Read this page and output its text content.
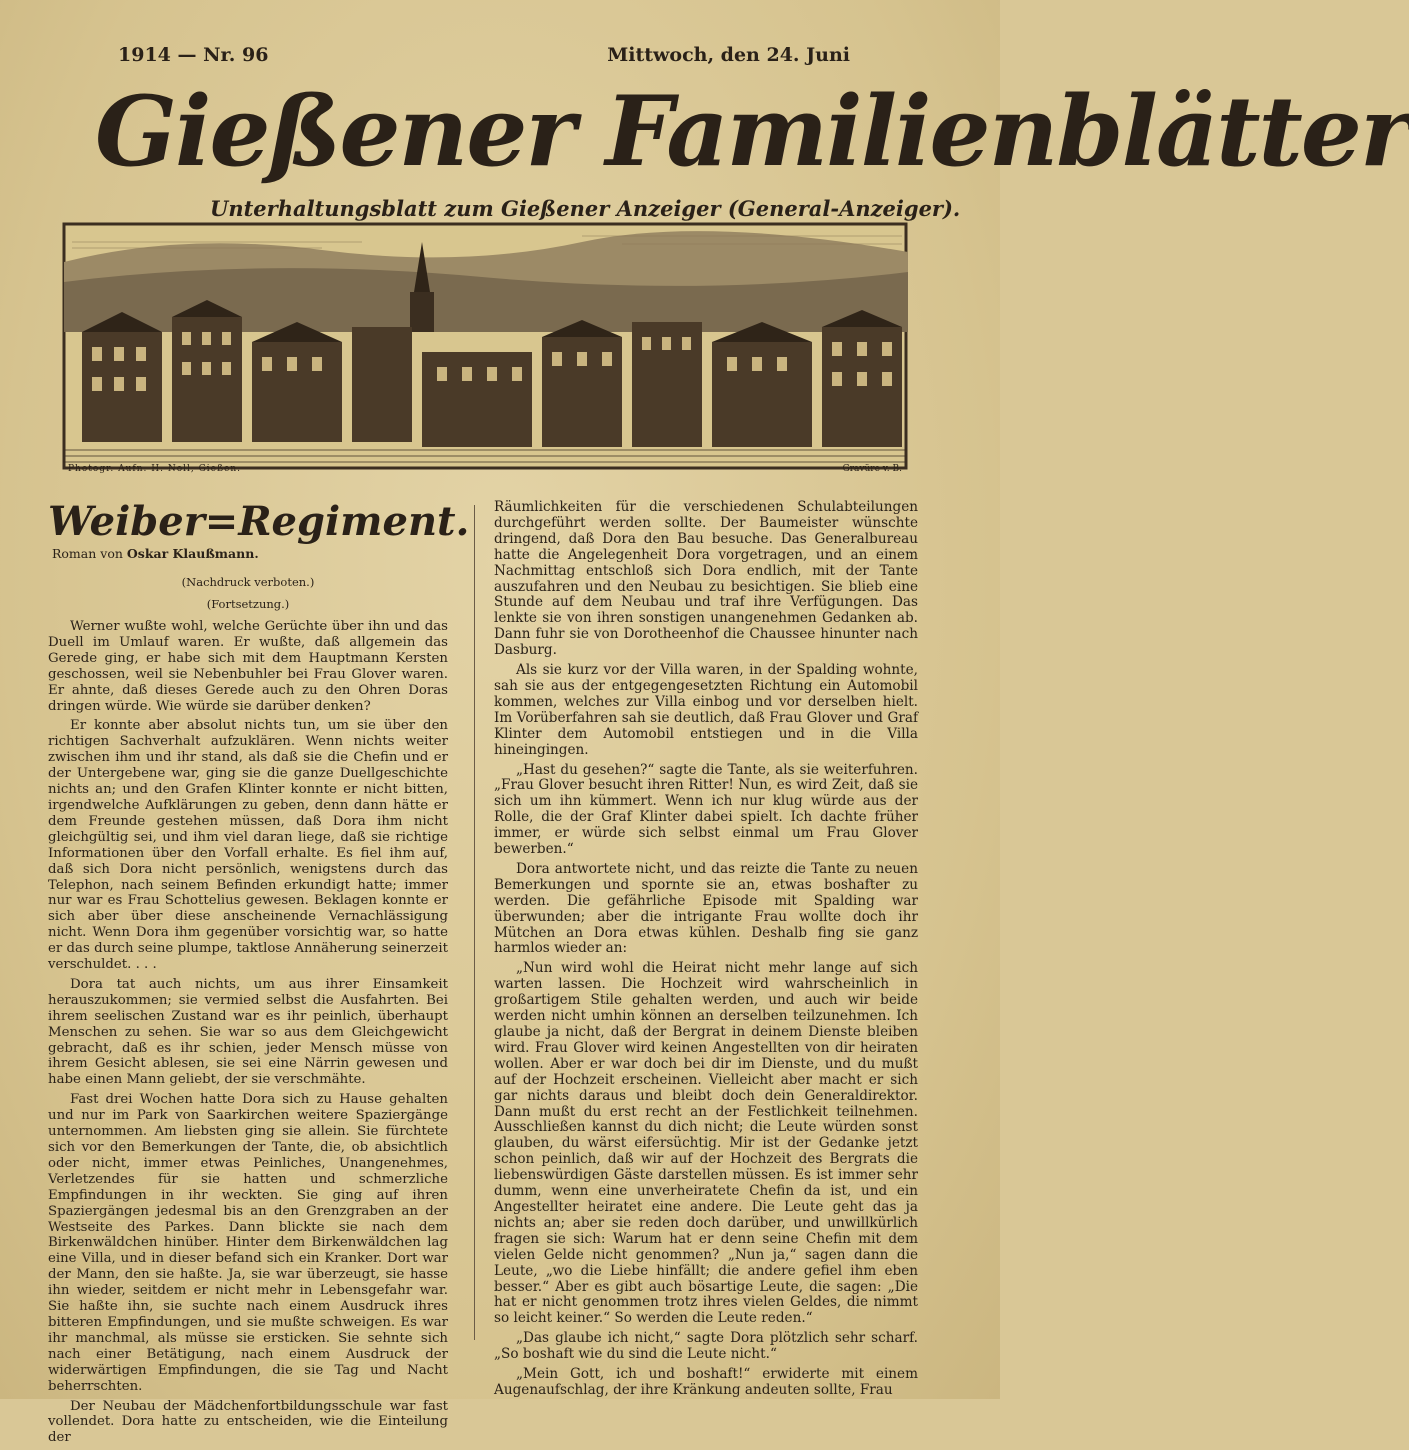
1914 — Nr. 96	Mittwoch, den 24. Juni
Gießener Familienblätter
Unterhaltungsblatt zum Gießener Anzeiger (General-Anzeiger).
Photogr. Aufn. H. Noll, Gießen.	Gravüre v. B.
Weiber=Regiment.
Roman von Oskar Klaußmann.
(Nachdruck verboten.)
(Fortsetzung.)

Werner wußte wohl, welche Gerüchte über ihn und das Duell im Umlauf waren. Er wußte, daß allgemein das Gerede ging, er habe sich mit dem Hauptmann Kersten geschossen, weil sie Nebenbuhler bei Frau Glover waren. Er ahnte, daß dieses Gerede auch zu den Ohren Doras dringen würde. Wie würde sie darüber denken?

Er konnte aber absolut nichts tun, um sie über den richtigen Sachverhalt aufzuklären. Wenn nichts weiter zwischen ihm und ihr stand, als daß sie die Chefin und er der Untergebene war, ging sie die ganze Duellgeschichte nichts an; und den Grafen Klinter konnte er nicht bitten, irgendwelche Aufklärungen zu geben, denn dann hätte er dem Freunde gestehen müssen, daß Dora ihm nicht gleichgültig sei, und ihm viel daran liege, daß sie richtige Informationen über den Vorfall erhalte. Es fiel ihm auf, daß sich Dora nicht persönlich, wenigstens durch das Telephon, nach seinem Befinden erkundigt hatte; immer nur war es Frau Schottelius gewesen. Beklagen konnte er sich aber über diese anscheinende Vernachlässigung nicht. Wenn Dora ihm gegenüber vorsichtig war, so hatte er das durch seine plumpe, taktlose Annäherung seinerzeit verschuldet. . . .

Dora tat auch nichts, um aus ihrer Einsamkeit herauszukommen; sie vermied selbst die Ausfahrten. Bei ihrem seelischen Zustand war es ihr peinlich, überhaupt Menschen zu sehen. Sie war so aus dem Gleichgewicht gebracht, daß es ihr schien, jeder Mensch müsse von ihrem Gesicht ablesen, sie sei eine Närrin gewesen und habe einen Mann geliebt, der sie verschmähte.

Fast drei Wochen hatte Dora sich zu Hause gehalten und nur im Park von Saarkirchen weitere Spaziergänge unternommen. Am liebsten ging sie allein. Sie fürchtete sich vor den Bemerkungen der Tante, die, ob absichtlich oder nicht, immer etwas Peinliches, Unangenehmes, Verletzendes für sie hatten und schmerzliche Empfindungen in ihr weckten. Sie ging auf ihren Spaziergängen jedesmal bis an den Grenzgraben an der Westseite des Parkes. Dann blickte sie nach dem Birkenwäldchen hinüber. Hinter dem Birkenwäldchen lag eine Villa, und in dieser befand sich ein Kranker. Dort war der Mann, den sie haßte. Ja, sie war überzeugt, sie hasse ihn wieder, seitdem er nicht mehr in Lebensgefahr war. Sie haßte ihn, sie suchte nach einem Ausdruck ihres bitteren Empfindungen, und sie mußte schweigen. Es war ihr manchmal, als müsse sie ersticken. Sie sehnte sich nach einer Betätigung, nach einem Ausdruck der widerwärtigen Empfindungen, die sie Tag und Nacht beherrschten.

Der Neubau der Mädchenfortbildungsschule war fast vollendet. Dora hatte zu entscheiden, wie die Einteilung der

Räumlichkeiten für die verschiedenen Schulabteilungen durchgeführt werden sollte. Der Baumeister wünschte dringend, daß Dora den Bau besuche. Das Generalbureau hatte die Angelegenheit Dora vorgetragen, und an einem Nachmittag entschloß sich Dora endlich, mit der Tante auszufahren und den Neubau zu besichtigen. Sie blieb eine Stunde auf dem Neubau und traf ihre Verfügungen. Das lenkte sie von ihren sonstigen unangenehmen Gedanken ab. Dann fuhr sie von Dorotheenhof die Chaussee hinunter nach Dasburg.

Als sie kurz vor der Villa waren, in der Spalding wohnte, sah sie aus der entgegengesetzten Richtung ein Automobil kommen, welches zur Villa einbog und vor derselben hielt. Im Vorüberfahren sah sie deutlich, daß Frau Glover und Graf Klinter dem Automobil entstiegen und in die Villa hineingingen.

„Hast du gesehen?“ sagte die Tante, als sie weiterfuhren. „Frau Glover besucht ihren Ritter! Nun, es wird Zeit, daß sie sich um ihn kümmert. Wenn ich nur klug würde aus der Rolle, die der Graf Klinter dabei spielt. Ich dachte früher immer, er würde sich selbst einmal um Frau Glover bewerben.“

Dora antwortete nicht, und das reizte die Tante zu neuen Bemerkungen und spornte sie an, etwas boshafter zu werden. Die gefährliche Episode mit Spalding war überwunden; aber die intrigante Frau wollte doch ihr Mütchen an Dora etwas kühlen. Deshalb fing sie ganz harmlos wieder an:

„Nun wird wohl die Heirat nicht mehr lange auf sich warten lassen. Die Hochzeit wird wahrscheinlich in großartigem Stile gehalten werden, und auch wir beide werden nicht umhin können an derselben teilzunehmen. Ich glaube ja nicht, daß der Bergrat in deinem Dienste bleiben wird. Frau Glover wird keinen Angestellten von dir heiraten wollen. Aber er war doch bei dir im Dienste, und du mußt auf der Hochzeit erscheinen. Vielleicht aber macht er sich gar nichts daraus und bleibt doch dein Generaldirektor. Dann mußt du erst recht an der Festlichkeit teilnehmen. Ausschließen kannst du dich nicht; die Leute würden sonst glauben, du wärst eifersüchtig. Mir ist der Gedanke jetzt schon peinlich, daß wir auf der Hochzeit des Bergrats die liebenswürdigen Gäste darstellen müssen. Es ist immer sehr dumm, wenn eine unverheiratete Chefin da ist, und ein Angestellter heiratet eine andere. Die Leute geht das ja nichts an; aber sie reden doch darüber, und unwillkürlich fragen sie sich: Warum hat er denn seine Chefin mit dem vielen Gelde nicht genommen? „Nun ja,“ sagen dann die Leute, „wo die Liebe hinfällt; die andere gefiel ihm eben besser.“ Aber es gibt auch bösartige Leute, die sagen: „Die hat er nicht genommen trotz ihres vielen Geldes, die nimmt so leicht keiner.“ So werden die Leute reden.“

„Das glaube ich nicht,“ sagte Dora plötzlich sehr scharf. „So boshaft wie du sind die Leute nicht.“

„Mein Gott, ich und boshaft!“ erwiderte mit einem Augenaufschlag, der ihre Kränkung andeuten sollte, Frau
